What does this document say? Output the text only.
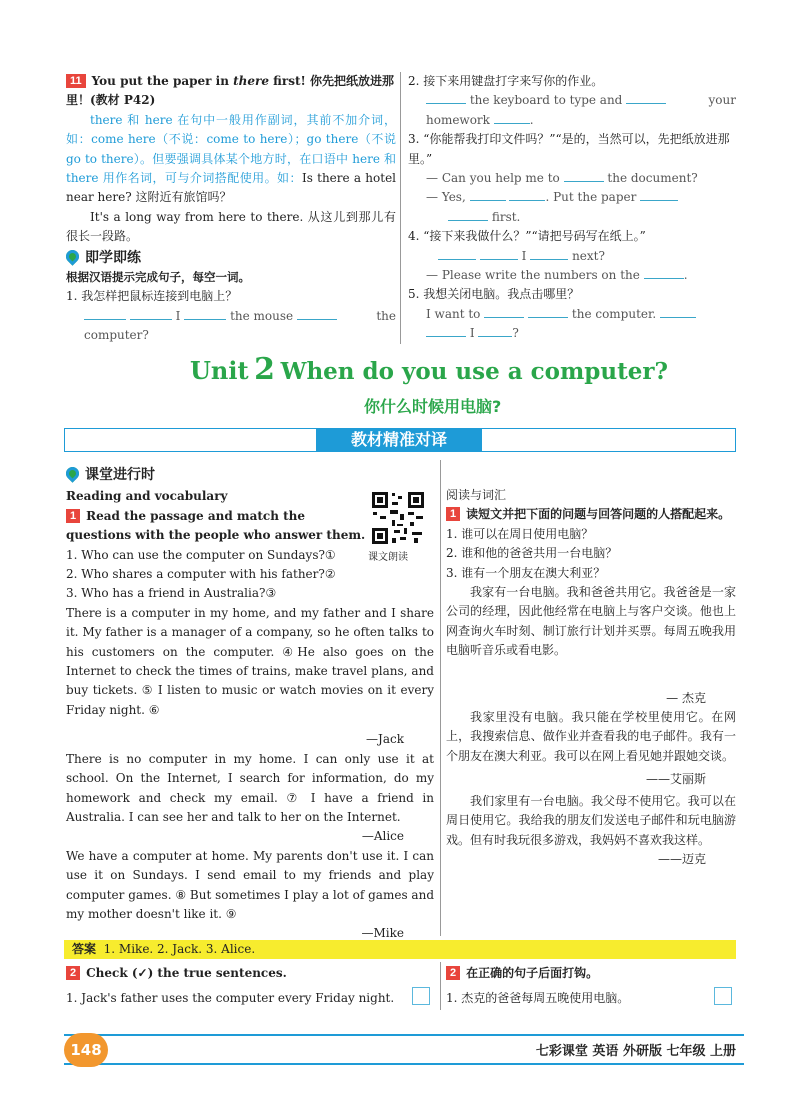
11 You put the paper in there first! 你先把纸放进那里！(教材 P42)
there 和 here 在句中一般用作副词，其前不加介词，如：come here（不说：come to here）；go there（不说 go to there）。但要强调具体某个地方时，在口语中 here 和 there 用作名词，可与介词搭配使用。如：Is there a hotel near here? 这附近有旅馆吗？
It's a long way from here to there. 从这儿到那儿有很长一段路。
即学即练
根据汉语提示完成句子，每空一词。
1. 我怎样把鼠标连接到电脑上？
I	the mouse	the
computer?
2. 接下来用键盘打字来写你的作业。
the keyboard to type and	your
homework	.
3. “你能帮我打印文件吗？”“是的，当然可以，先把纸放进那里。”
— Can you help me to	the document?
— Yes,	. Put the paper
first.
4. “接下来我做什么？”“请把号码写在纸上。”
I	next?
— Please write the numbers on the	.
5. 我想关闭电脑。我点击哪里？
I want to	the computer.
I	?
Unit 2 When do you use a computer?
你什么时候用电脑?
教材精准对译
课堂进行时
Reading and vocabulary
1 Read the passage and match the questions with the people who answer them.
1. Who can use the computer on Sundays?①
2. Who shares a computer with his father?②
3. Who has a friend in Australia?③
There is a computer in my home, and my father and I share it. My father is a manager of a company, so he often talks to his customers on the computer. ④He also goes on the Internet to check the times of trains, make travel plans, and buy tickets. ⑤ I listen to music or watch movies on it every Friday night. ⑥
—Jack
There is no computer in my home. I can only use it at school. On the Internet, I search for information, do my homework and check my email. ⑦ I have a friend in Australia. I can see her and talk to her on the Internet.
—Alice
We have a computer at home. My parents don't use it. I can use it on Sundays. I send email to my friends and play computer games. ⑧ But sometimes I play a lot of games and my mother doesn't like it. ⑨
—Mike
课文朗读
阅读与词汇
1 读短文并把下面的问题与回答问题的人搭配起来。
1. 谁可以在周日使用电脑？
2. 谁和他的爸爸共用一台电脑？
3. 谁有一个朋友在澳大利亚？
我家有一台电脑。我和爸爸共用它。我爸爸是一家公司的经理，因此他经常在电脑上与客户交谈。他也上网查询火车时刻、制订旅行计划并买票。每周五晚我用电脑听音乐或看电影。
— 杰克
我家里没有电脑。我只能在学校里使用它。在网上，我搜索信息、做作业并查看我的电子邮件。我有一个朋友在澳大利亚。我可以在网上看见她并跟她交谈。
——艾丽斯
我们家里有一台电脑。我父母不使用它。我可以在周日使用它。我给我的朋友们发送电子邮件和玩电脑游戏。但有时我玩很多游戏，我妈妈不喜欢我这样。
——迈克
答案 1. Mike. 2. Jack. 3. Alice.
2 Check (✓) the true sentences.
1. Jack's father uses the computer every Friday night.
2 在正确的句子后面打钩。
1. 杰克的爸爸每周五晚使用电脑。
148	七彩课堂 英语 外研版 七年级 上册
